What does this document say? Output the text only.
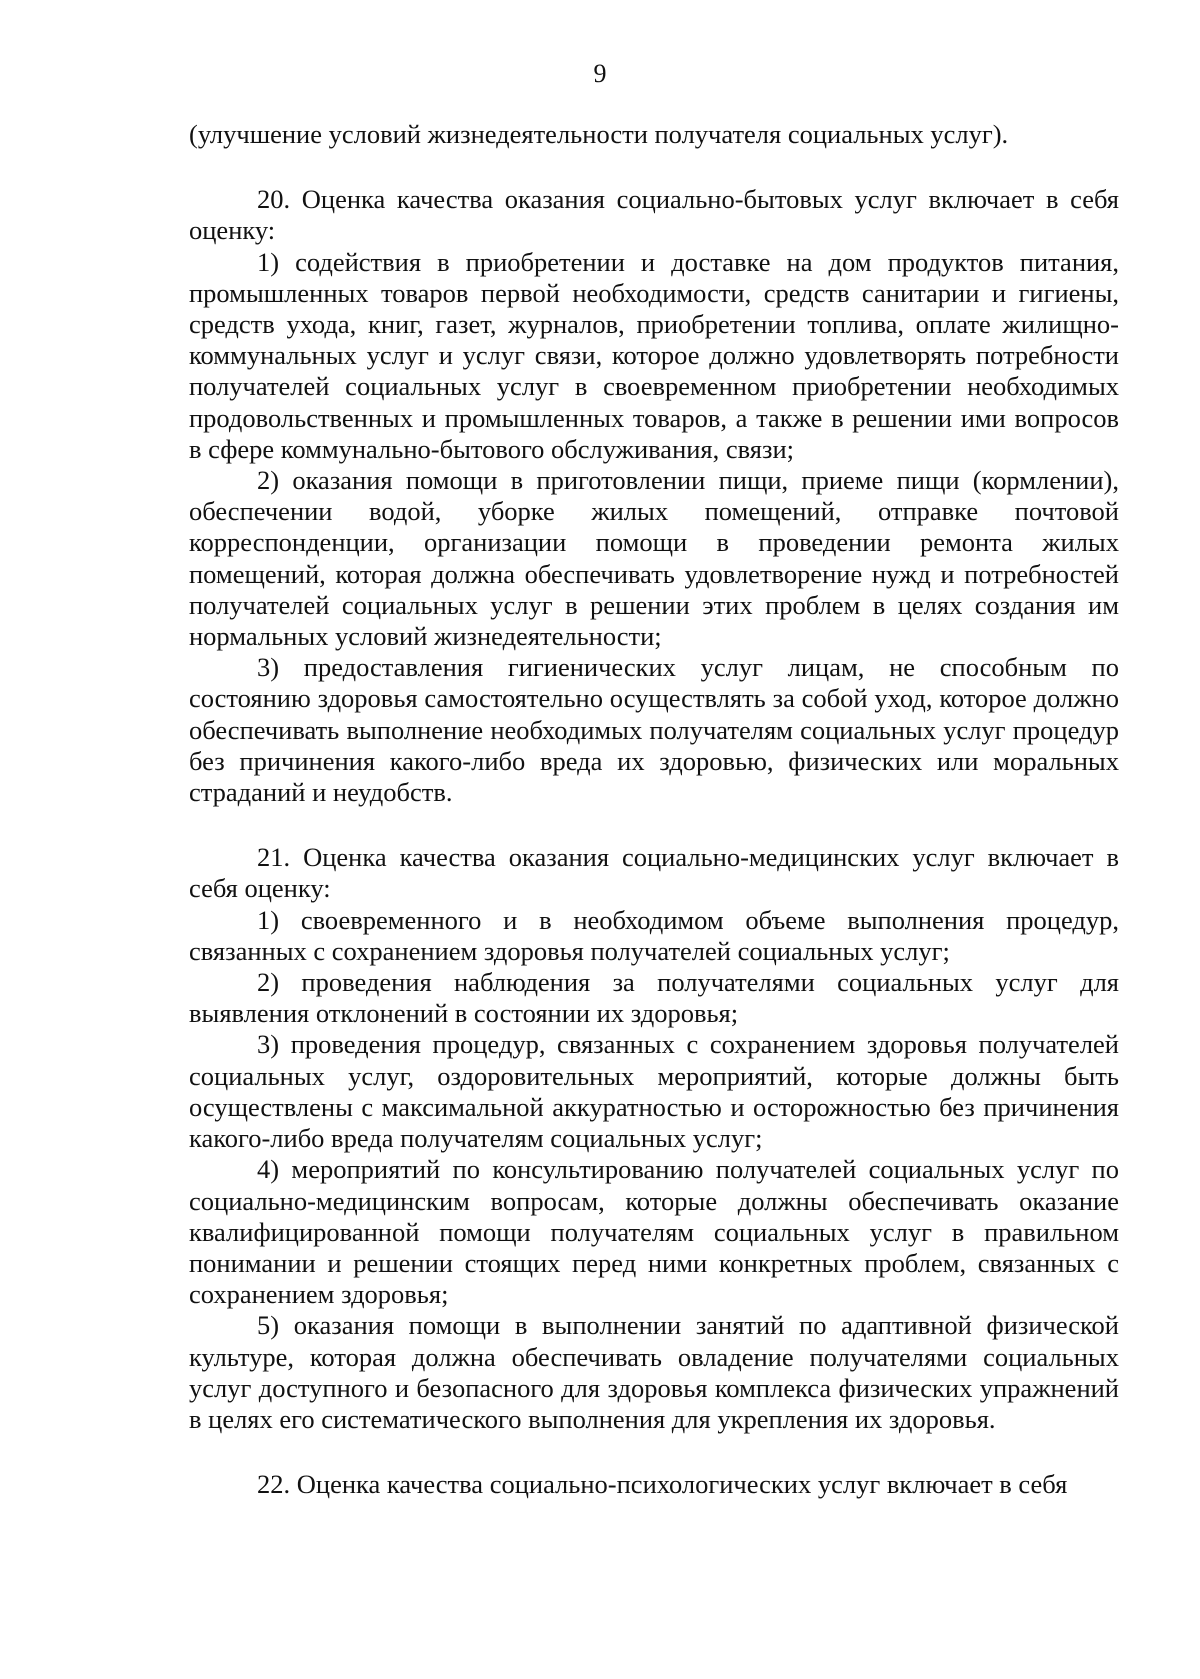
9

(улучшение условий жизнедеятельности получателя социальных услуг).

20. Оценка качества оказания социально-бытовых услуг включает в себя оценку:

1) содействия в приобретении и доставке на дом продуктов питания, промышленных товаров первой необходимости, средств санитарии и гигиены, средств ухода, книг, газет, журналов, приобретении топлива, оплате жилищно-коммунальных услуг и услуг связи, которое должно удовлетворять потребности получателей социальных услуг в своевременном приобретении необходимых продовольственных и промышленных товаров, а также в решении ими вопросов в сфере коммунально-бытового обслуживания, связи;

2) оказания помощи в приготовлении пищи, приеме пищи (кормлении), обеспечении водой, уборке жилых помещений, отправке почтовой корреспонденции, организации помощи в проведении ремонта жилых помещений, которая должна обеспечивать удовлетворение нужд и потребностей получателей социальных услуг в решении этих проблем в целях создания им нормальных условий жизнедеятельности;

3) предоставления гигиенических услуг лицам, не способным по состоянию здоровья самостоятельно осуществлять за собой уход, которое должно обеспечивать выполнение необходимых получателям социальных услуг процедур без причинения какого-либо вреда их здоровью, физических или моральных страданий и неудобств.

21. Оценка качества оказания социально-медицинских услуг включает в себя оценку:

1) своевременного и в необходимом объеме выполнения процедур, связанных с сохранением здоровья получателей социальных услуг;

2) проведения наблюдения за получателями социальных услуг для выявления отклонений в состоянии их здоровья;

3) проведения процедур, связанных с сохранением здоровья получателей социальных услуг, оздоровительных мероприятий, которые должны быть осуществлены с максимальной аккуратностью и осторожностью без причинения какого-либо вреда получателям социальных услуг;

4) мероприятий по консультированию получателей социальных услуг по социально-медицинским вопросам, которые должны обеспечивать оказание квалифицированной помощи получателям социальных услуг в правильном понимании и решении стоящих перед ними конкретных проблем, связанных с сохранением здоровья;

5) оказания помощи в выполнении занятий по адаптивной физической культуре, которая должна обеспечивать овладение получателями социальных услуг доступного и безопасного для здоровья комплекса физических упражнений в целях его систематического выполнения для укрепления их здоровья.

22. Оценка качества социально-психологических услуг включает в себя
